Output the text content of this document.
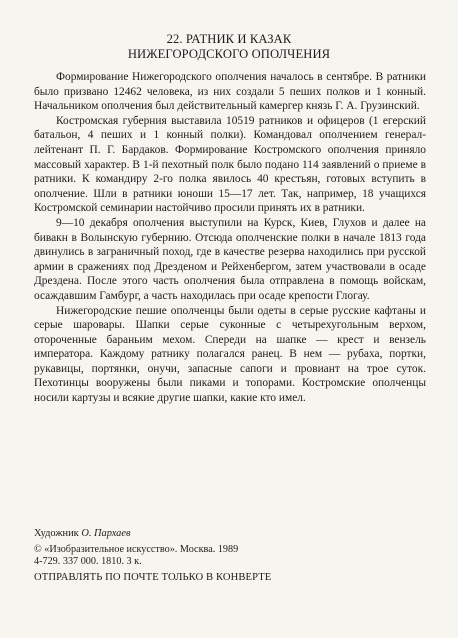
22. РАТНИК И КАЗАК
НИЖЕГОРОДСКОГО ОПОЛЧЕНИЯ

Формирование Нижегородского ополчения началось в сентябре. В ратники было призвано 12462 человека, из них создали 5 пеших полков и 1 конный. Начальником ополчения был действительный камергер князь Г. А. Грузинский.

Костромская губерния выставила 10519 ратников и офицеров (1 егерский батальон, 4 пеших и 1 конный полки). Командовал ополчением генерал-лейтенант П. Г. Бардаков. Формирование Костромского ополчения приняло массовый характер. В 1-й пехотный полк было подано 114 заявлений о приеме в ратники. К командиру 2-го полка явилось 40 крестьян, готовых вступить в ополчение. Шли в ратники юноши 15—17 лет. Так, например, 18 учащихся Костромской семинарии настойчиво просили принять их в ратники.

9—10 декабря ополчения выступили на Курск, Киев, Глухов и далее на бивакн в Волынскую губернию. Отсюда ополченские полки в начале 1813 года двинулись в заграничный поход, где в качестве резерва находились при русской армии в сражениях под Дрезденом и Рейхенбергом, затем участвовали в осаде Дрездена. После этого часть ополчения была отправлена в помощь войскам, осаждавшим Гамбург, а часть находилась при осаде крепости Глогау.

Нижегородские пешие ополченцы были одеты в серые русские кафтаны и серые шаровары. Шапки серые суконные с четырехугольным верхом, отороченные бараньим мехом. Спереди на шапке — крест и вензель императора. Каждому ратнику полагался ранец. В нем — рубаха, портки, рукавицы, портянки, онучи, запасные сапоги и провиант на трое суток. Пехотинцы вооружены были пиками и топорами. Костромские ополченцы носили картузы и всякие другие шапки, какие кто имел.

Художник О. Пархаев
© «Изобразительное искусство». Москва. 1989
4-729. 337 000. 1810. 3 к.
ОТПРАВЛЯТЬ ПО ПОЧТЕ ТОЛЬКО В КОНВЕРТЕ
